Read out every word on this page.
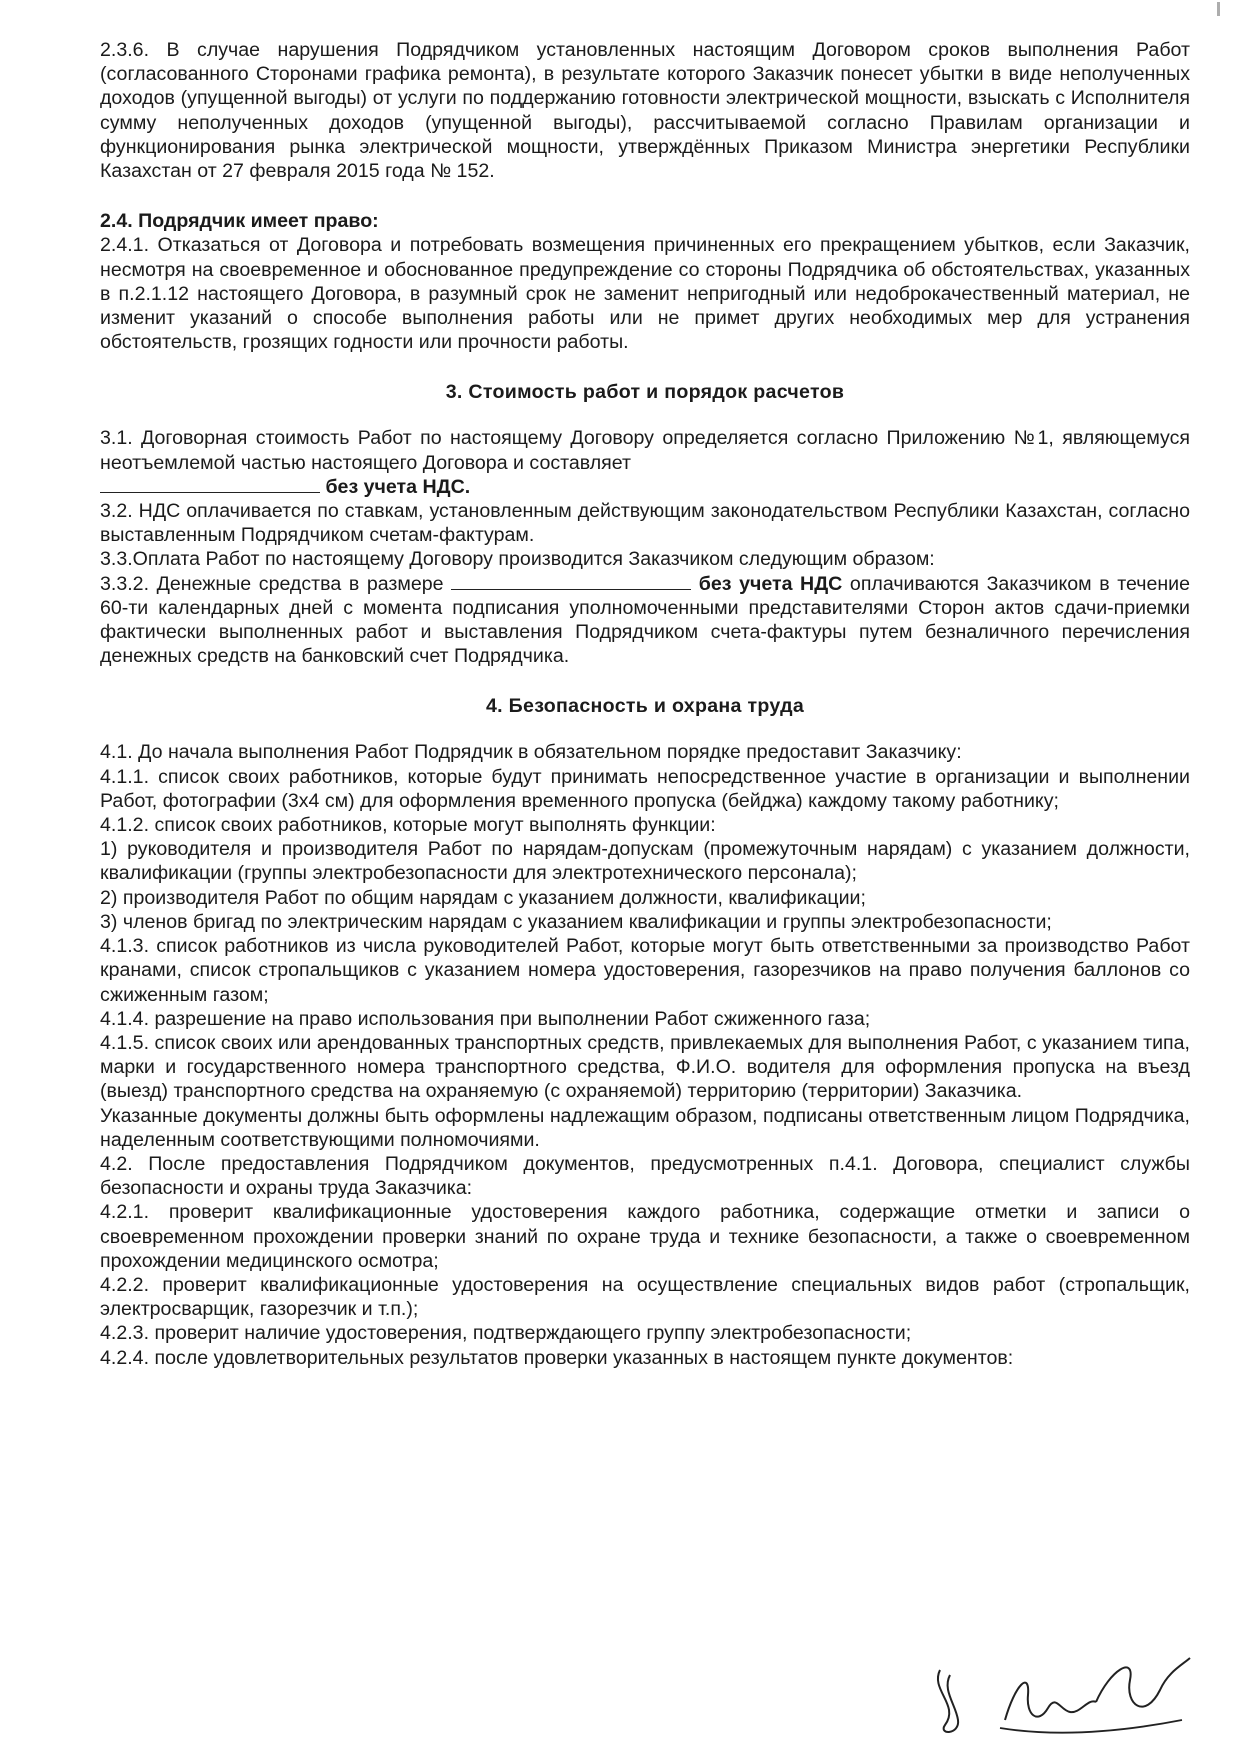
2.3.6. В случае нарушения Подрядчиком установленных настоящим Договором сроков выполнения Работ (согласованного Сторонами графика ремонта), в результате которого Заказчик понесет убытки в виде неполученных доходов (упущенной выгоды) от услуги по поддержанию готовности электрической мощности, взыскать с Исполнителя сумму неполученных доходов (упущенной выгоды), рассчитываемой согласно Правилам организации и функционирования рынка электрической мощности, утверждённых Приказом Министра энергетики Республики Казахстан от 27 февраля 2015 года № 152.

2.4. Подрядчик имеет право:

2.4.1. Отказаться от Договора и потребовать возмещения причиненных его прекращением убытков, если Заказчик, несмотря на своевременное и обоснованное предупреждение со стороны Подрядчика об обстоятельствах, указанных в п.2.1.12 настоящего Договора, в разумный срок не заменит непригодный или недоброкачественный материал, не изменит указаний о способе выполнения работы или не примет других необходимых мер для устранения обстоятельств, грозящих годности или прочности работы.

3. Стоимость работ и порядок расчетов

3.1. Договорная стоимость Работ по настоящему Договору определяется согласно Приложению №1, являющемуся неотъемлемой частью настоящего Договора и составляет
без учета НДС.

3.2. НДС оплачивается по ставкам, установленным действующим законодательством Республики Казахстан, согласно выставленным Подрядчиком счетам-фактурам.

3.3.Оплата Работ по настоящему Договору производится Заказчиком следующим образом:

3.3.2. Денежные средства в размере	без учета НДС оплачиваются Заказчиком в течение 60-ти календарных дней с момента подписания уполномоченными представителями Сторон актов сдачи-приемки фактически выполненных работ и выставления Подрядчиком счета-фактуры путем безналичного перечисления денежных средств на банковский счет Подрядчика.

4. Безопасность и охрана труда

4.1. До начала выполнения Работ Подрядчик в обязательном порядке предоставит Заказчику:

4.1.1. список своих работников, которые будут принимать непосредственное участие в организации и выполнении Работ, фотографии (3х4 см) для оформления временного пропуска (бейджа) каждому такому работнику;

4.1.2. список своих работников, которые могут выполнять функции:

1) руководителя и производителя Работ по нарядам-допускам (промежуточным нарядам) с указанием должности, квалификации (группы электробезопасности для электротехнического персонала);

2) производителя Работ по общим нарядам с указанием должности, квалификации;

3) членов бригад по электрическим нарядам с указанием квалификации и группы электробезопасности;

4.1.3. список работников из числа руководителей Работ, которые могут быть ответственными за производство Работ кранами, список стропальщиков с указанием номера удостоверения, газорезчиков на право получения баллонов со сжиженным газом;

4.1.4. разрешение на право использования при выполнении Работ сжиженного газа;

4.1.5. список своих или арендованных транспортных средств, привлекаемых для выполнения Работ, с указанием типа, марки и государственного номера транспортного средства, Ф.И.О. водителя для оформления пропуска на въезд (выезд) транспортного средства на охраняемую (с охраняемой) территорию (территории) Заказчика.

Указанные документы должны быть оформлены надлежащим образом, подписаны ответственным лицом Подрядчика, наделенным соответствующими полномочиями.

4.2. После предоставления Подрядчиком документов, предусмотренных п.4.1. Договора, специалист службы безопасности и охраны труда Заказчика:

4.2.1. проверит квалификационные удостоверения каждого работника, содержащие отметки и записи о своевременном прохождении проверки знаний по охране труда и технике безопасности, а также о своевременном прохождении медицинского осмотра;

4.2.2. проверит квалификационные удостоверения на осуществление специальных видов работ (стропальщик, электросварщик, газорезчик и т.п.);

4.2.3. проверит наличие удостоверения, подтверждающего группу электробезопасности;

4.2.4. после удовлетворительных результатов проверки указанных в настоящем пункте документов:
